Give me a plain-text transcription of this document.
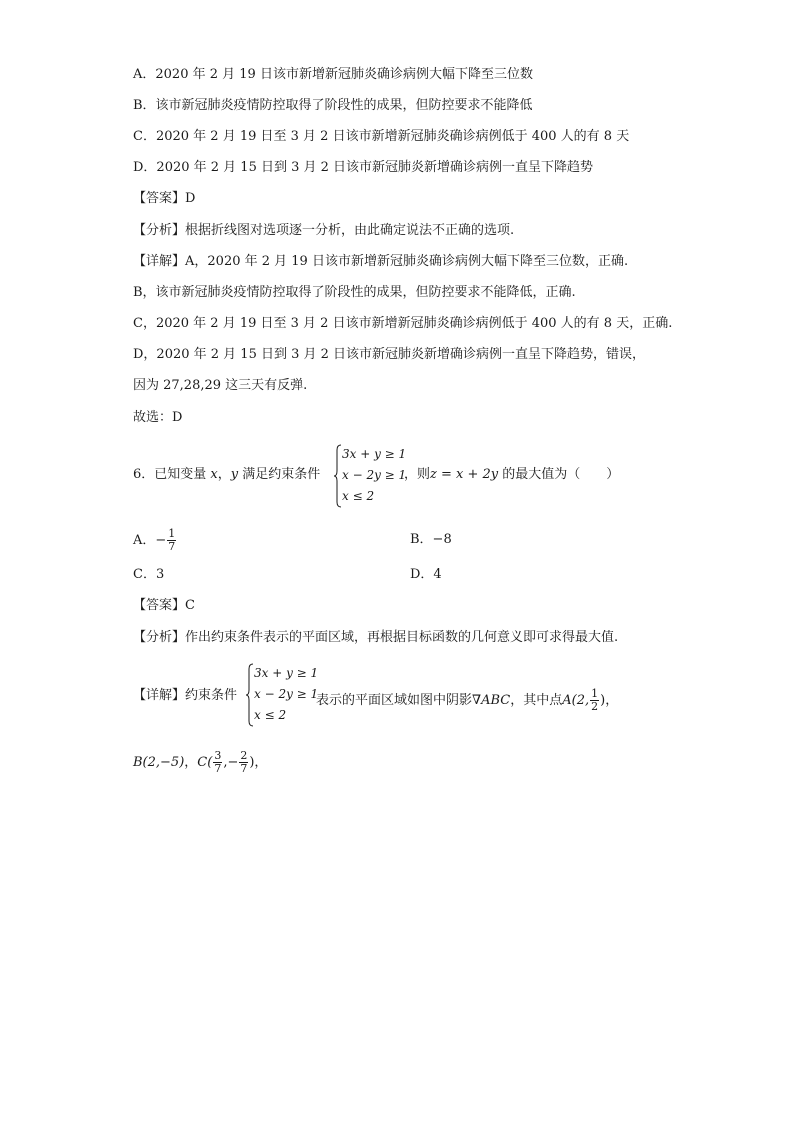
A．2020 年 2 月 19 日该市新增新冠肺炎确诊病例大幅下降至三位数
B．该市新冠肺炎疫情防控取得了阶段性的成果，但防控要求不能降低
C．2020 年 2 月 19 日至 3 月 2 日该市新增新冠肺炎确诊病例低于 400 人的有 8 天
D．2020 年 2 月 15 日到 3 月 2 日该市新冠肺炎新增确诊病例一直呈下降趋势
【答案】D
【分析】根据折线图对选项逐一分析，由此确定说法不正确的选项.
【详解】A，2020 年 2 月 19 日该市新增新冠肺炎确诊病例大幅下降至三位数，正确.
B，该市新冠肺炎疫情防控取得了阶段性的成果，但防控要求不能降低，正确.
C，2020 年 2 月 19 日至 3 月 2 日该市新增新冠肺炎确诊病例低于 400 人的有 8 天，正确.
D，2020 年 2 月 15 日到 3 月 2 日该市新冠肺炎新增确诊病例一直呈下降趋势，错误，
因为 27,28,29 这三天有反弹.
故选：D
6．已知变量 x，y 满足约束条件
3x + y ≥ 1
x − 2y ≥ 1
x ≤ 2
，则z = x + 2y 的最大值为（　　）
A．− $\frac{1}{7}$	B．−8
C．3	D．4
【答案】C
【分析】作出约束条件表示的平面区域，再根据目标函数的几何意义即可求得最大值.
【详解】约束条件
3x + y ≥ 1
x − 2y ≥ 1
x ≤ 2
表示的平面区域如图中阴影∇ABC，其中点A(2, $\frac{1}{2}$ )，
B(2,−5)，$C( \frac{3}{7}$ ,− $\frac{2}{7}$ )，
